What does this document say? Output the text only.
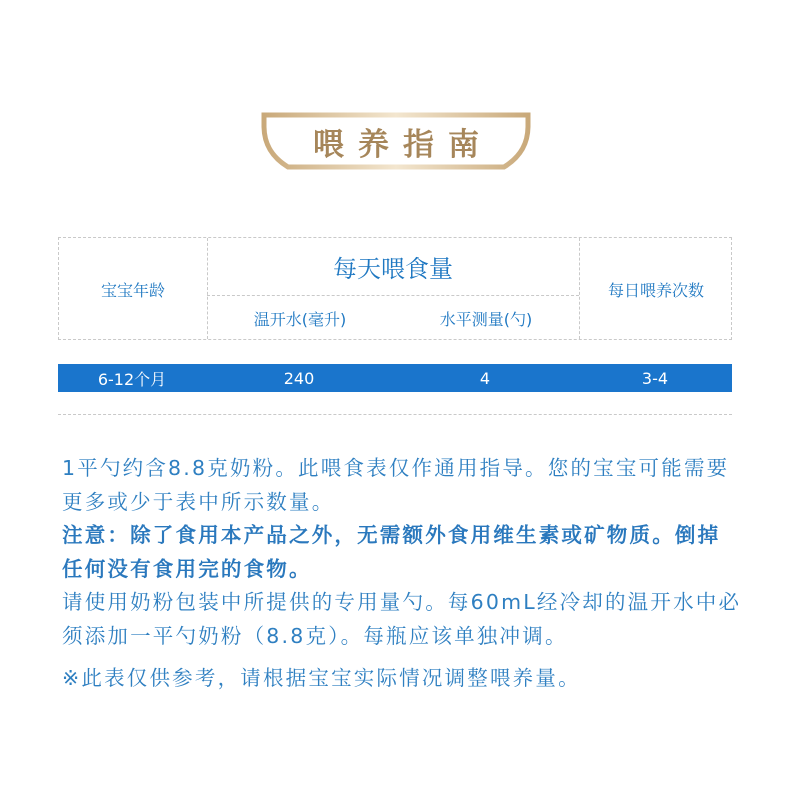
喂养指南
宝宝年龄
每天喂食量
温开水(毫升)	水平测量(勺)
每日喂养次数
6-12个月	240	4	3-4

1平勺约含8.8克奶粉。此喂食表仅作通用指导。您的宝宝可能需要更多或少于表中所示数量。

注意：除了食用本产品之外，无需额外食用维生素或矿物质。倒掉任何没有食用完的食物。

请使用奶粉包装中所提供的专用量勺。每60mL经冷却的温开水中必须添加一平勺奶粉（8.8克）。每瓶应该单独冲调。

※此表仅供参考，请根据宝宝实际情况调整喂养量。
